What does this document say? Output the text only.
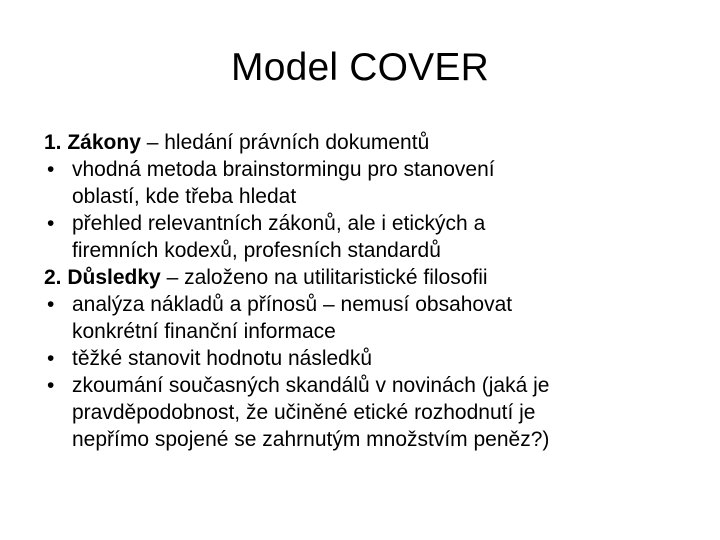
Model COVER
1. Zákony – hledání právních dokumentů
• vhodná metoda brainstormingu pro stanovení
oblastí, kde třeba hledat
• přehled relevantních zákonů, ale i etických a
firemních kodexů, profesních standardů
2. Důsledky – založeno na utilitaristické filosofii
• analýza nákladů a přínosů – nemusí obsahovat
konkrétní finanční informace
• těžké stanovit hodnotu následků
• zkoumání současných skandálů v novinách (jaká je
pravděpodobnost, že učiněné etické rozhodnutí je
nepřímo spojené se zahrnutým množstvím peněz?)
